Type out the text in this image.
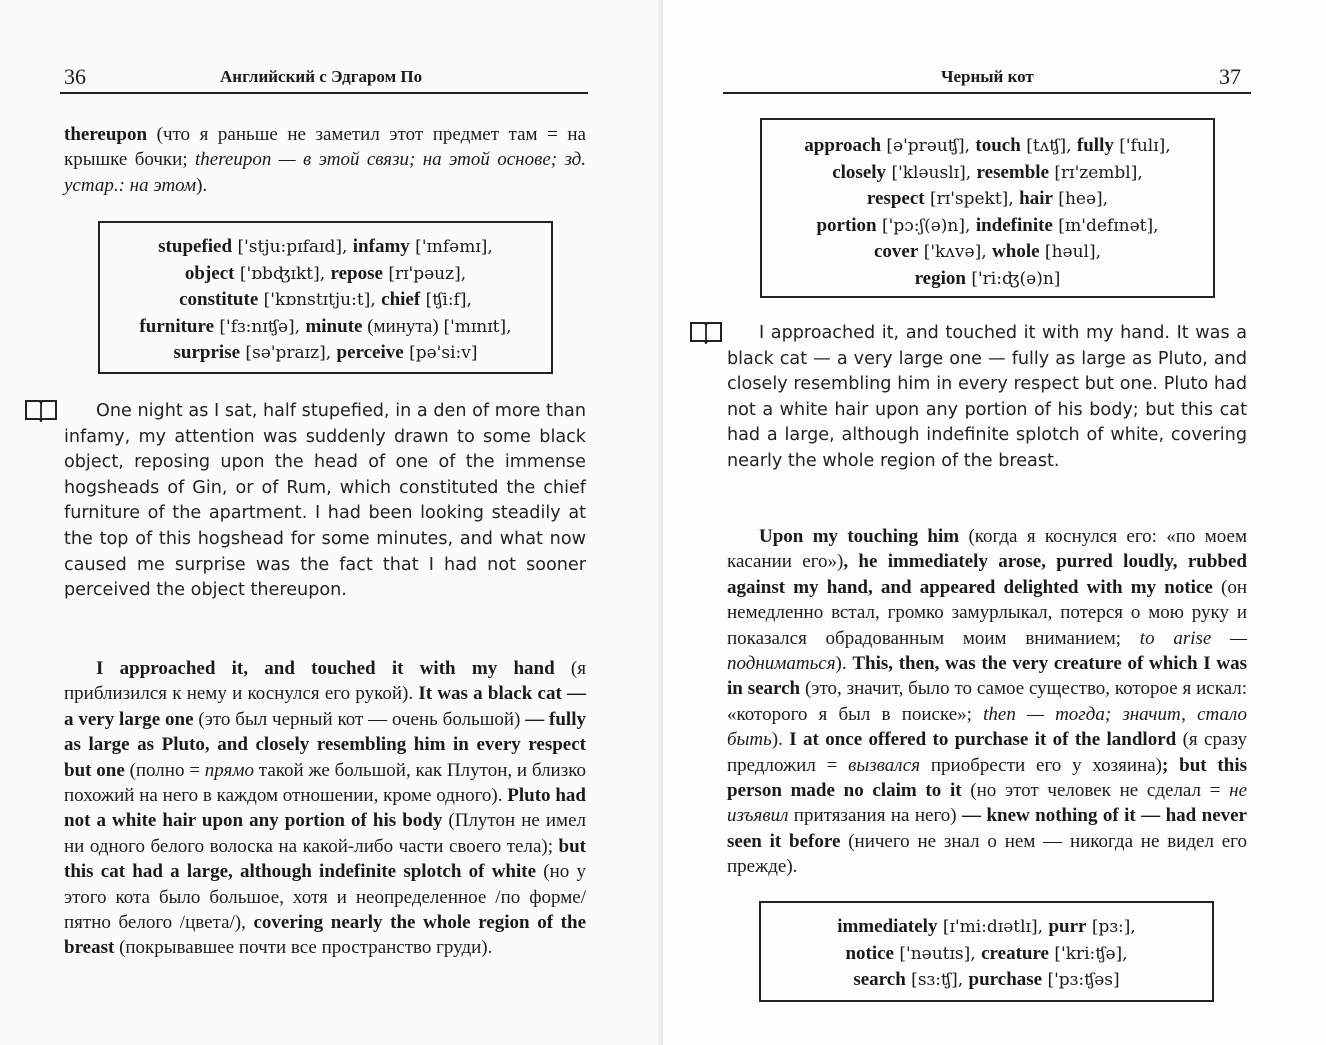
36	Английский с Эдгаром По
thereupon (что я раньше не заметил этот предмет там = на крышке бочки; thereupon — в этой связи; на этой основе; зд. устар.: на этом).
stupefied ['stju:pɪfaɪd], infamy ['ɪnfəmɪ],
object ['ɒbʤɪkt], repose [rɪ'pəuz],
constitute ['kɒnstɪtju:t], chief [ʧi:f],
furniture ['fɜ:nɪʧə], minute (минута) ['mɪnɪt],
surprise [sə'praɪz], perceive [pə'si:v]
One night as I sat, half stupefied, in a den of more than infamy, my attention was suddenly drawn to some black object, reposing upon the head of one of the immense hogsheads of Gin, or of Rum, which constituted the chief furniture of the apartment. I had been looking steadily at the top of this hogshead for some minutes, and what now caused me surprise was the fact that I had not sooner perceived the object thereupon.
I approached it, and touched it with my hand (я приблизился к нему и коснулся его рукой). It was a black cat — a very large one (это был черный кот — очень большой) — fully as large as Pluto, and closely resembling him in every respect but one (полно = прямо такой же большой, как Плутон, и близко похожий на него в каждом отношении, кроме одного). Pluto had not a white hair upon any portion of his body (Плутон не имел ни одного белого волоска на какой-либо части своего тела); but this cat had a large, although indefinite splotch of white (но у этого кота было большое, хотя и неопределенное /по форме/ пятно белого /цвета/), covering nearly the whole region of the breast (покрывавшее почти все пространство груди).
Черный кот	37
approach [ə'prəuʧ], touch [tʌʧ], fully ['fulɪ],
closely ['kləuslɪ], resemble [rɪ'zembl],
respect [rɪ'spekt], hair [heə],
portion ['pɔ:ʃ(ə)n], indefinite [ɪn'defɪnət],
cover ['kʌvə], whole [həul],
region ['ri:ʤ(ə)n]
I approached it, and touched it with my hand. It was a black cat — a very large one — fully as large as Pluto, and closely resembling him in every respect but one. Pluto had not a white hair upon any portion of his body; but this cat had a large, although indefinite splotch of white, covering nearly the whole region of the breast.
Upon my touching him (когда я коснулся его: «по моем касании его»), he immediately arose, purred loudly, rubbed against my hand, and appeared delighted with my notice (он немедленно встал, громко замурлыкал, потерся о мою руку и показался обрадованным моим вниманием; to arise — подниматься). This, then, was the very creature of which I was in search (это, значит, было то самое существо, которое я искал: «которого я был в поиске»; then — тогда; значит, стало быть). I at once offered to purchase it of the landlord (я сразу предложил = вызвался приобрести его у хозяина); but this person made no claim to it (но этот человек не сделал = не изъявил притязания на него) — knew nothing of it — had never seen it before (ничего не знал о нем — никогда не видел его прежде).
immediately [ɪ'mi:dɪətlɪ], purr [pɜ:],
notice ['nəutɪs], creature ['kri:ʧə],
search [sɜ:ʧ], purchase ['pɜ:ʧəs]
